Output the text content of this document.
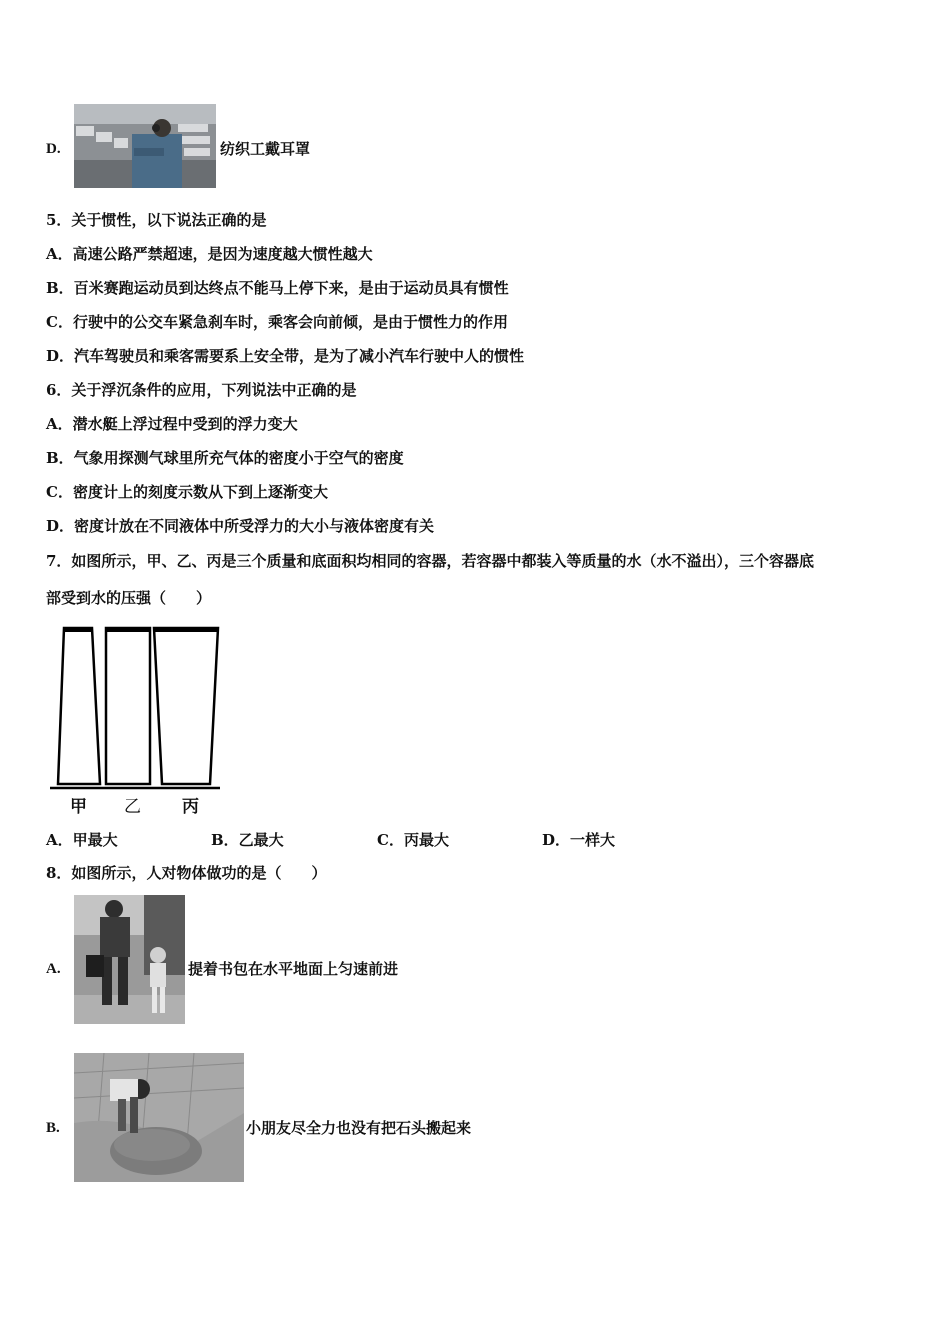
D.	纺织工戴耳罩
5．关于惯性，以下说法正确的是
A．高速公路严禁超速，是因为速度越大惯性越大
B．百米赛跑运动员到达终点不能马上停下来，是由于运动员具有惯性
C．行驶中的公交车紧急刹车时，乘客会向前倾，是由于惯性力的作用
D．汽车驾驶员和乘客需要系上安全带，是为了减小汽车行驶中人的惯性
6．关于浮沉条件的应用，下列说法中正确的是
A．潜水艇上浮过程中受到的浮力变大
B．气象用探测气球里所充气体的密度小于空气的密度
C．密度计上的刻度示数从下到上逐渐变大
D．密度计放在不同液体中所受浮力的大小与液体密度有关
7．如图所示，甲、乙、丙是三个质量和底面积均相同的容器，若容器中都装入等质量的水（水不溢出），三个容器底
部受到水的压强（　　）
甲 乙 丙
A．甲最大	B．乙最大	C．丙最大	D．一样大
8．如图所示，人对物体做功的是（　　）
A.	提着书包在水平地面上匀速前进
B.	小朋友尽全力也没有把石头搬起来
